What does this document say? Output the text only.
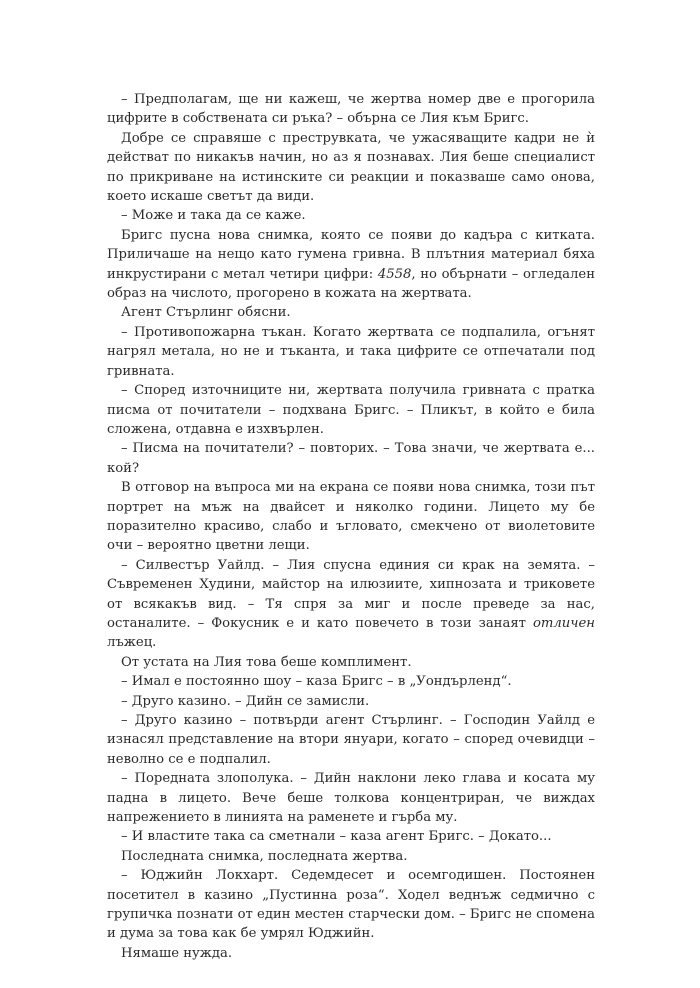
– Предполагам, ще ни кажеш, че жертва номер две е прогорила цифрите в собствената си ръка? – обърна се Лия към Бригс.

Добре се справяше с преструвката, че ужасяващите кадри не ѝ действат по никакъв начин, но аз я познавах. Лия беше специалист по прикриване на истинските си реакции и показваше само онова, което искаше светът да види.

– Може и така да се каже.

Бригс пусна нова снимка, която се появи до кадъра с китката. Приличаше на нещо като гумена гривна. В плътния материал бяха инкрустирани с метал четири цифри: 4558, но обърнати – огледален образ на числото, прогорено в кожата на жертвата.

Агент Стърлинг обясни.

– Противопожарна тъкан. Когато жертвата се подпалила, огънят нагрял метала, но не и тъканта, и така цифрите се отпечатали под гривната.

– Според източниците ни, жертвата получила гривната с пратка писма от почитатели – подхвана Бригс. – Пликът, в който е била сложена, отдавна е изхвърлен.

– Писма на почитатели? – повторих. – Това значи, че жертвата е... кой?

В отговор на въпроса ми на екрана се появи нова снимка, този път портрет на мъж на двайсет и няколко години. Лицето му бе поразително красиво, слабо и ъгловато, смекчено от виолетовите очи – вероятно цветни лещи.

– Силвестър Уайлд. – Лия спусна единия си крак на земята. – Съвременен Худини, майстор на илюзиите, хипнозата и триковете от всякакъв вид. – Тя спря за миг и после преведе за нас, останалите. – Фокусник е и като повечето в този занаят отличен лъжец.

От устата на Лия това беше комплимент.

– Имал е постоянно шоу – каза Бригс – в „Уондърленд“.

– Друго казино. – Дийн се замисли.

– Друго казино – потвърди агент Стърлинг. – Господин Уайлд е изнасял представление на втори януари, когато – според очевидци – неволно се е подпалил.

– Поредната злополука. – Дийн наклони леко глава и косата му падна в лицето. Вече беше толкова концентриран, че виждах напрежението в линията на раменете и гърба му.

– И властите така са сметнали – каза агент Бригс. – Докато...

Последната снимка, последната жертва.

– Юджийн Локхарт. Седемдесет и осемгодишен. Постоянен посетител в казино „Пустинна роза“. Ходел веднъж седмично с групичка познати от един местен старчески дом. – Бригс не спомена и дума за това как бе умрял Юджийн.

Нямаше нужда.
